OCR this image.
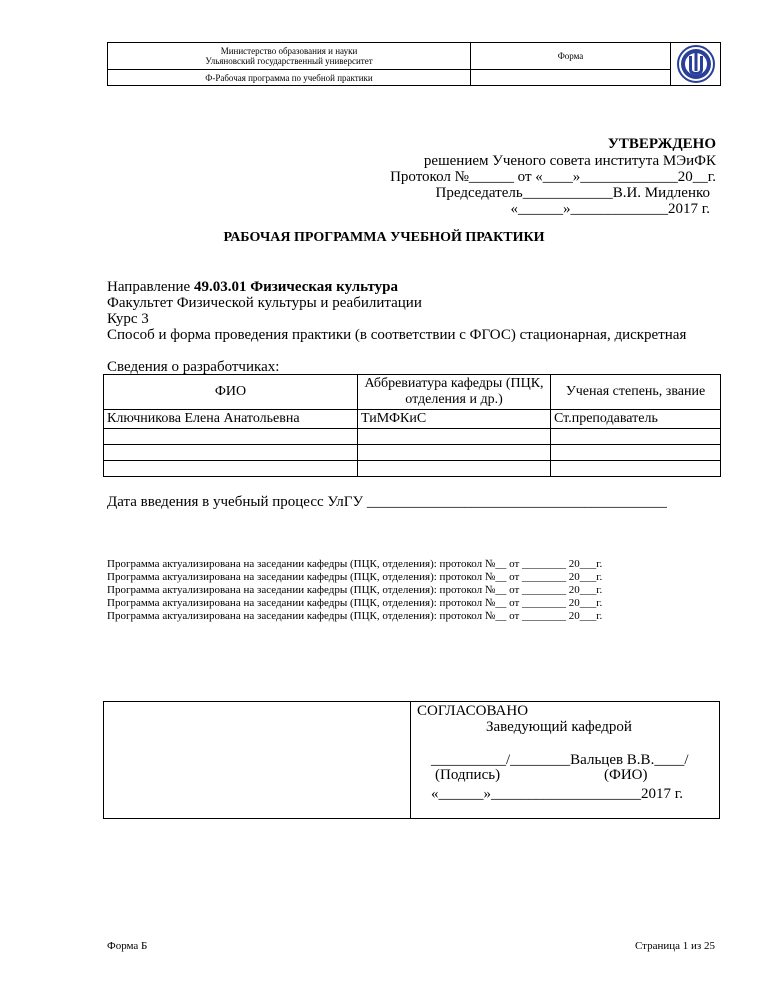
Министерство образования и науки
Ульяновский государственный университет	Форма	

Ф-Рабочая программа по учебной практики		
УТВЕРЖДЕНО
решением Ученого совета института МЭиФК
Протокол №______ от «____»_____________20__г.
Председатель____________В.И. Мидленко
«______»_____________2017 г.
РАБОЧАЯ ПРОГРАММА УЧЕБНОЙ ПРАКТИКИ
Направление 49.03.01 Физическая культура
Факультет Физической культуры и реабилитации
Курс 3
Способ и форма проведения практики (в соответствии с ФГОС) стационарная, дискретная
Сведения о разработчиках:
ФИО	Аббревиатура кафедры (ПЦК, отделения и др.)	Ученая степень, звание
Ключникова Елена Анатольевна	ТиМФКиС	Ст.преподаватель

Дата введения в учебный процесс УлГУ ________________________________________
Программа актуализирована на заседании кафедры (ПЦК, отделения): протокол №__ от ________ 20___г.
Программа актуализирована на заседании кафедры (ПЦК, отделения): протокол №__ от ________ 20___г.
Программа актуализирована на заседании кафедры (ПЦК, отделения): протокол №__ от ________ 20___г.
Программа актуализирована на заседании кафедры (ПЦК, отделения): протокол №__ от ________ 20___г.
Программа актуализирована на заседании кафедры (ПЦК, отделения): протокол №__ от ________ 20___г.

СОГЛАСОВАНО
Заведующий кафедрой
__________/________Вальцев В.В.____/
(Подпись)	(ФИО)
«______»____________________2017 г.
Форма Б	Страница 1 из 25
